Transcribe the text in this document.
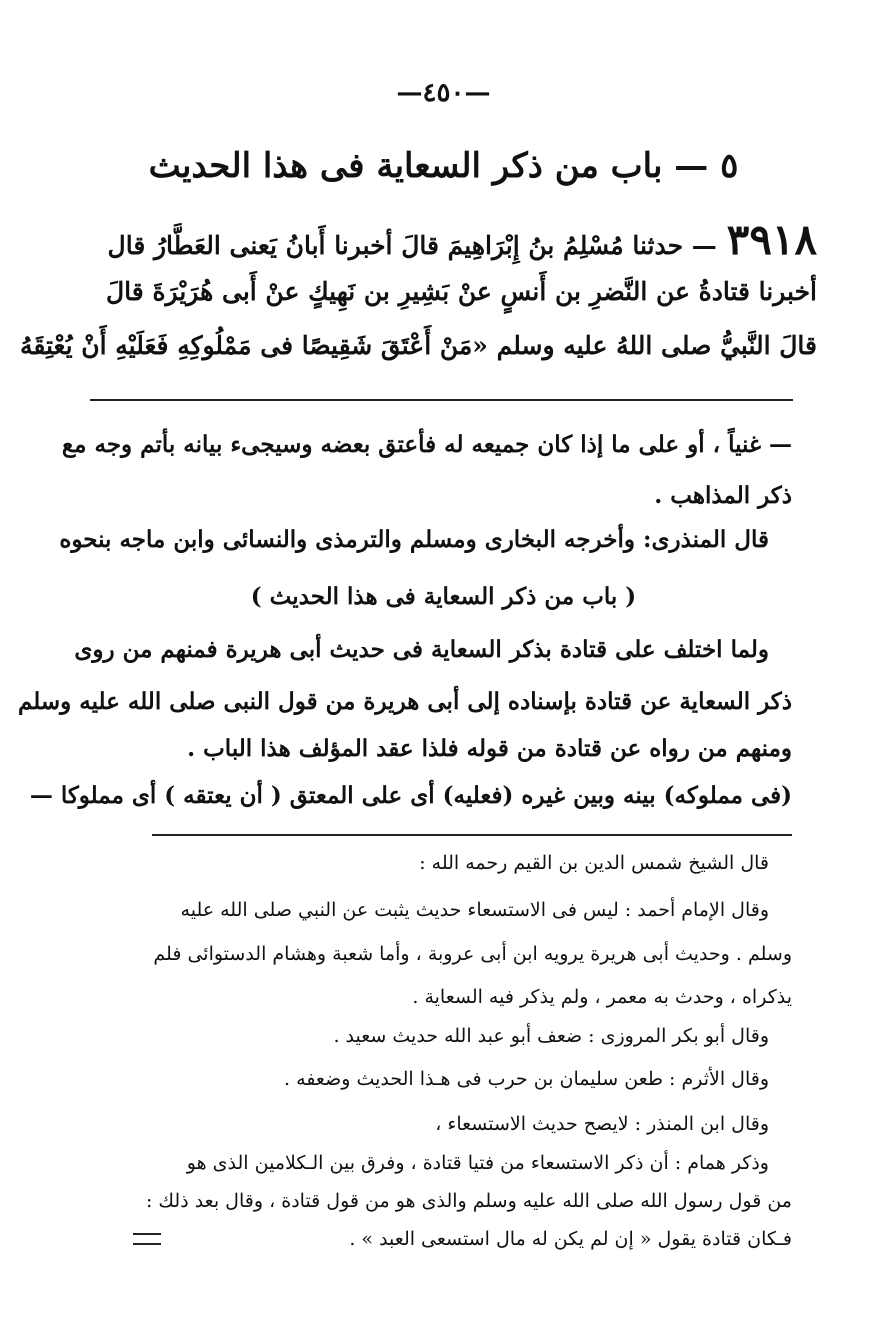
—٤٥٠—
٥ — باب من ذكر السعاية فى هذا الحديث
٣٩١٨— حدثنا مُسْلِمُ بنُ إِبْرَاهِيمَ قالَ أخبرنا أَبانُ يَعنى العَطَّارُ قال
أخبرنا قتادةُ عن النَّضرِ بن أَنسٍ عنْ بَشِيرِ بن نَهِيكٍ عنْ أَبى هُرَيْرَةَ قالَ
قالَ النَّبيُّ صلى اللهُ عليه وسلم «مَنْ أَعْتَقَ شَقِيصًا فى مَمْلُوكِهِ فَعَلَيْهِ أَنْ يُعْتِقَهُ
— غنياً ، أو على ما إذا كان جميعه له فأعتق بعضه وسيجىء بيانه بأتم وجه مع
ذكر المذاهب .
قال المنذرى: وأخرجه البخارى ومسلم والترمذى والنسائى وابن ماجه بنحوه
( باب من ذكر السعاية فى هذا الحديث )
ولما اختلف على قتادة بذكر السعاية فى حديث أبى هريرة فمنهم من روى
ذكر السعاية عن قتادة بإسناده إلى أبى هريرة من قول النبى صلى الله عليه وسلم
ومنهم من رواه عن قتادة من قوله فلذا عقد المؤلف هذا الباب .
(فى مملوكه) بينه وبين غيره (فعليه) أى على المعتق ( أن يعتقه ) أى مملوكا —
قال الشيخ شمس الدين بن القيم رحمه الله :
وقال الإمام أحمد : ليس فى الاستسعاء حديث يثبت عن النبي صلى الله عليه
وسلم . وحديث أبى هريرة يرويه ابن أبى عروبة ، وأما شعبة وهشام الدستوائى فلم
يذكراه ، وحدث به معمر ، ولم يذكر فيه السعاية .
وقال أبو بكر المروزى : ضعف أبو عبد الله حديث سعيد .
وقال الأثرم : طعن سليمان بن حرب فى هـذا الحديث وضعفه .
وقال ابن المنذر : لايصح حديث الاستسعاء ،
وذكر همام : أن ذكر الاستسعاء من فتيا قتادة ، وفرق بين الـكلامين الذى هو
من قول رسول الله صلى الله عليه وسلم والذى هو من قول قتادة ، وقال بعد ذلك :
فـكان قتادة يقول « إن لم يكن له مال استسعى العبد » .
